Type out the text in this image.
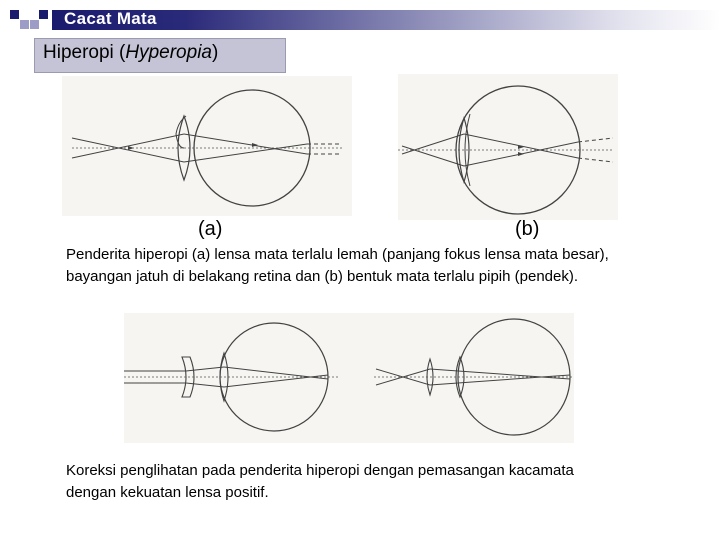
Cacat Mata
Hiperopi (Hyperopia)
(a)	(b)
Penderita hiperopi (a) lensa mata terlalu lemah (panjang fokus lensa mata besar), bayangan jatuh di belakang retina dan (b) bentuk mata terlalu pipih (pendek).
Koreksi penglihatan pada penderita hiperopi dengan pemasangan kacamata dengan kekuatan lensa positif.
